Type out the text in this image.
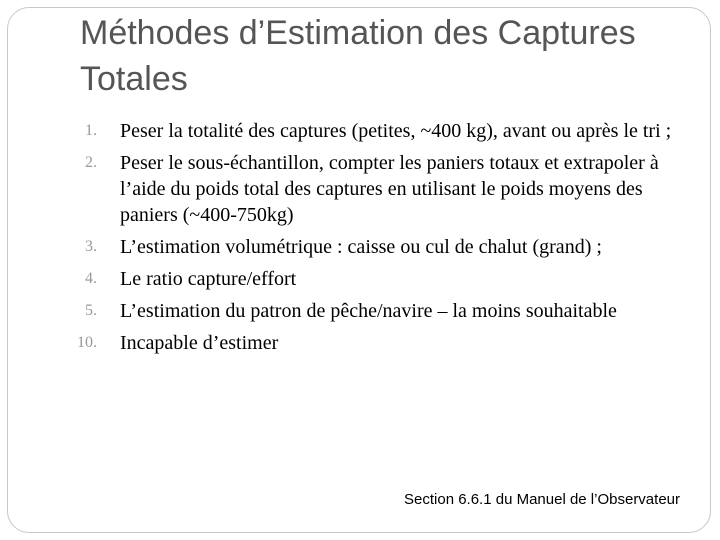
Méthodes d’Estimation des Captures Totales
1. Peser la totalité des captures (petites, ~400 kg), avant ou après le tri ;
2. Peser le sous-échantillon, compter les paniers totaux et extrapoler à l’aide du poids total des captures en utilisant le poids moyens des paniers (~400-750kg)
3. L’estimation volumétrique : caisse ou cul de chalut (grand) ;
4. Le ratio capture/effort
5. L’estimation du patron de pêche/navire – la moins souhaitable
10. Incapable d’estimer
Section 6.6.1 du Manuel de l’Observateur
